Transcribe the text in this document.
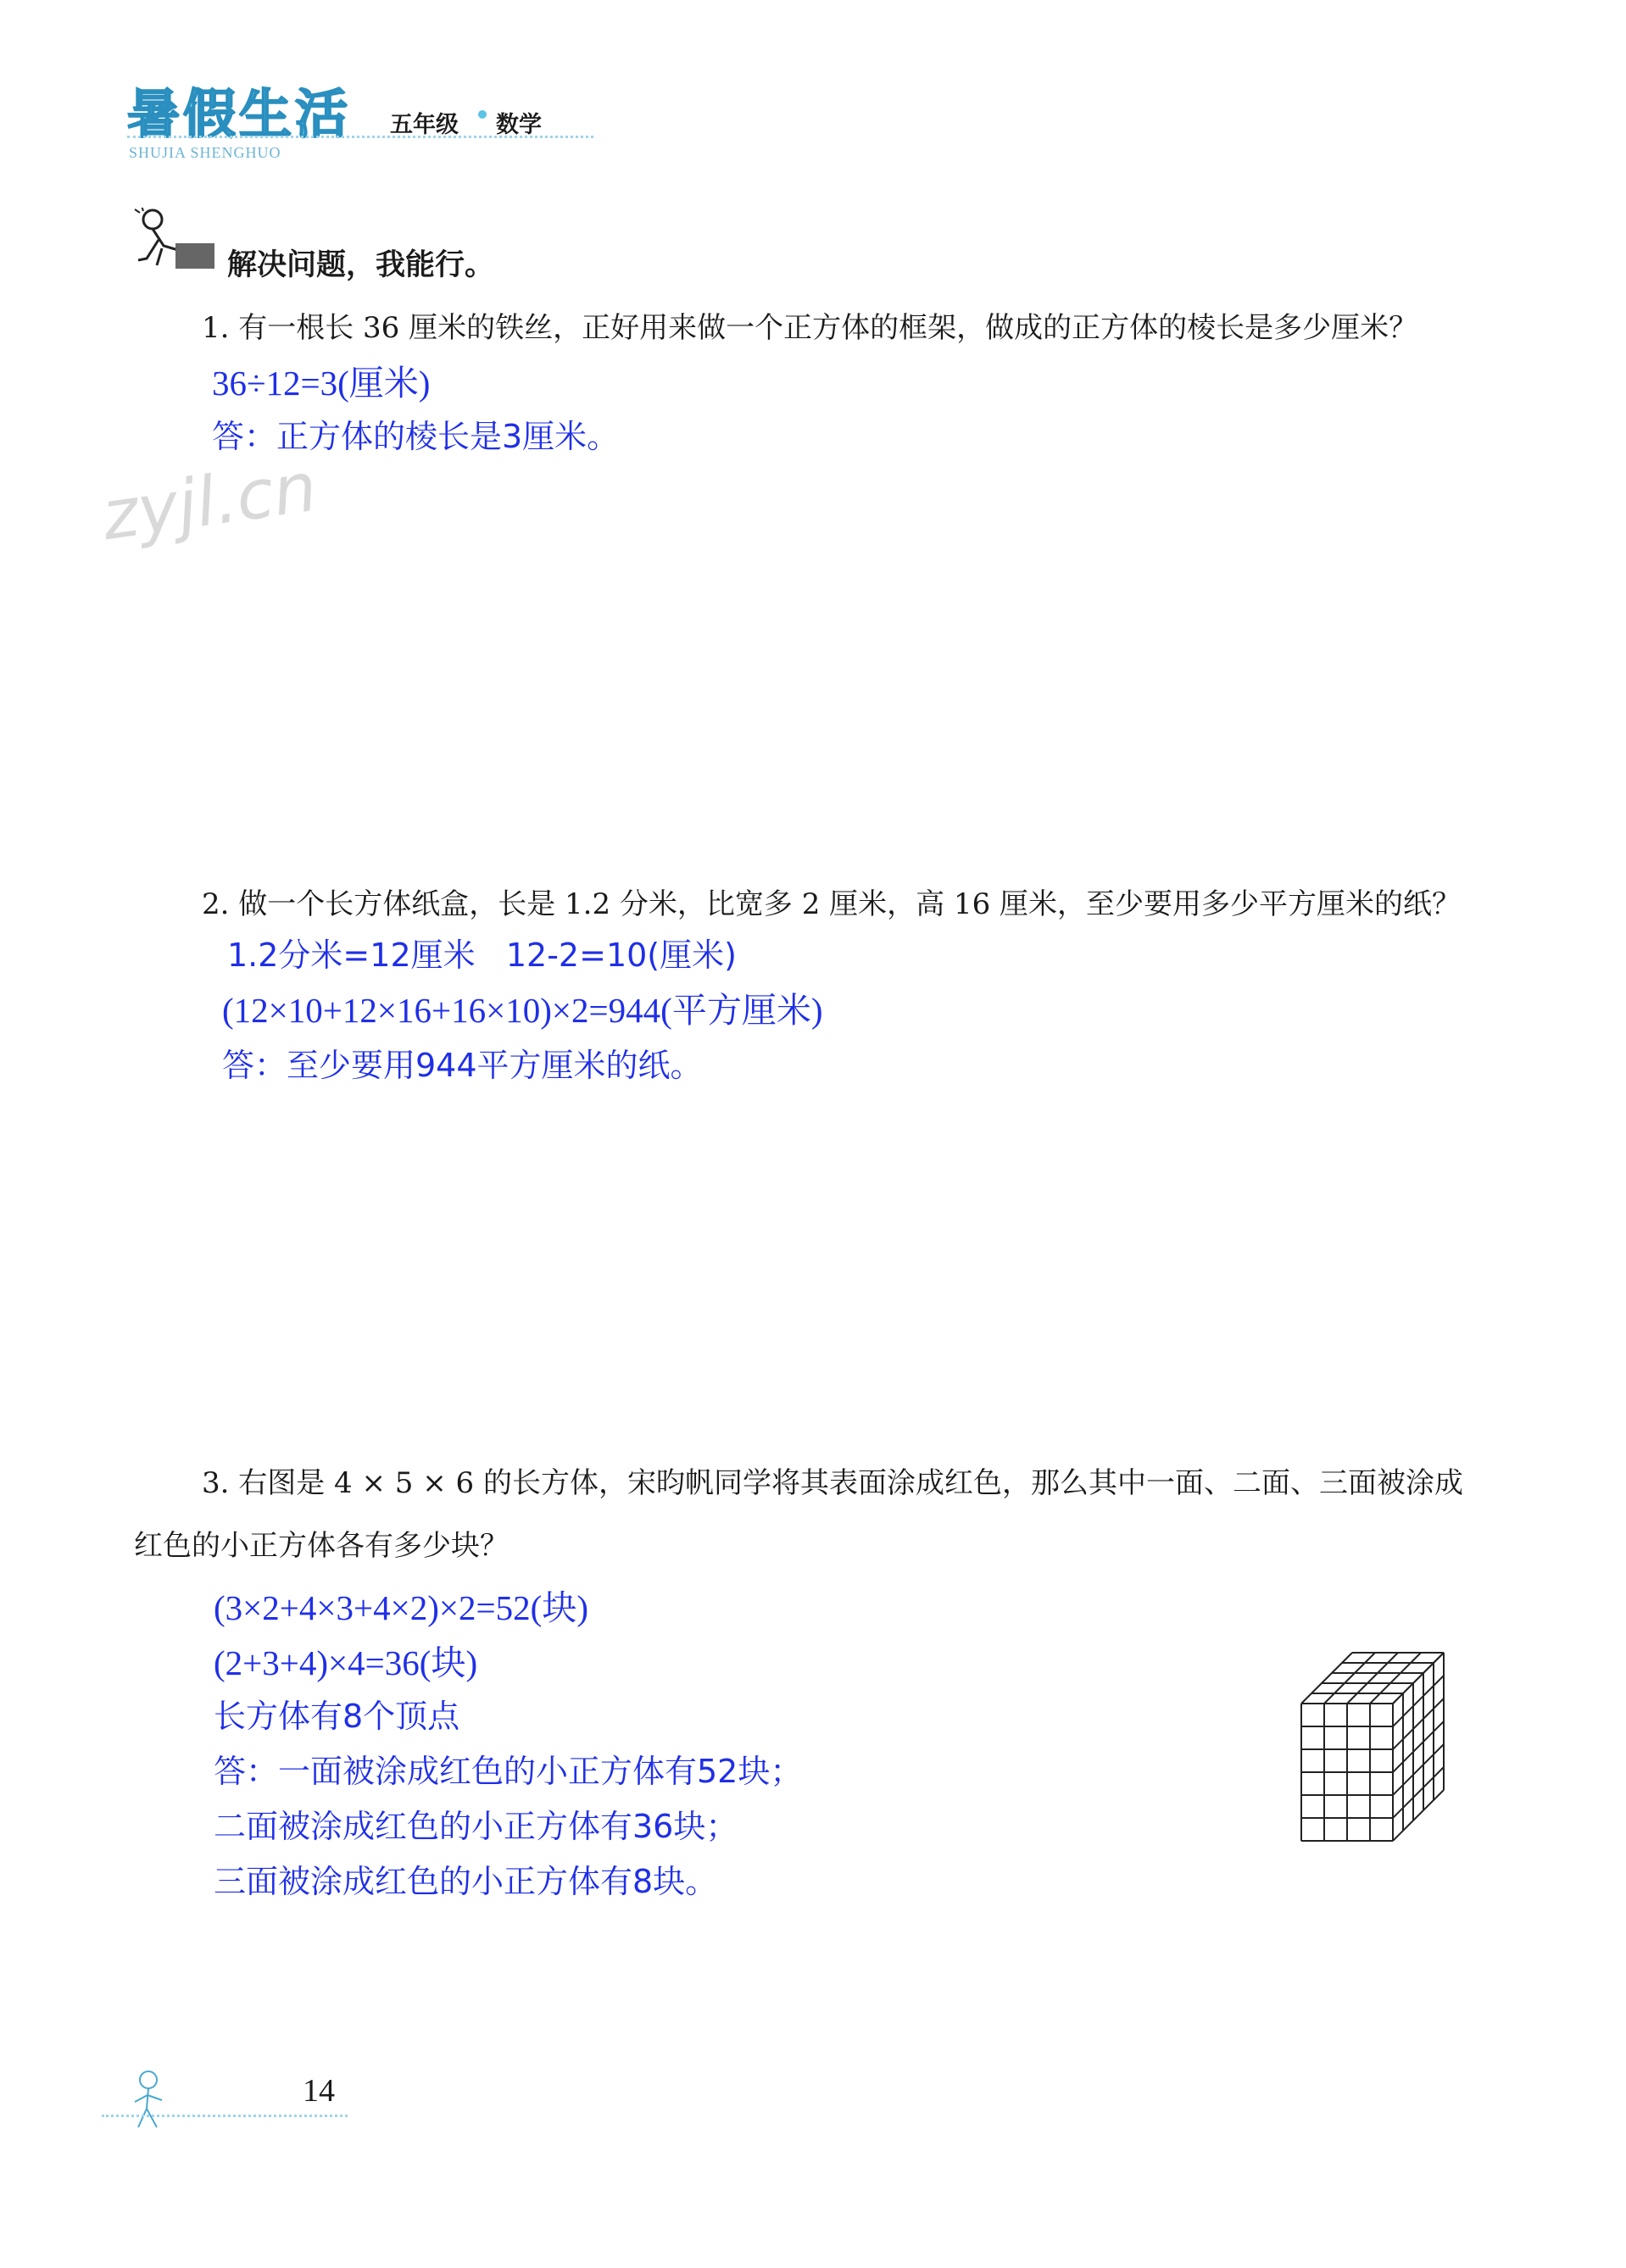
暑假生活
SHUJIA SHENGHUO
五年级 数学
解决问题，我能行。
zyjl.cn
1. 有一根长 36 厘米的铁丝，正好用来做一个正方体的框架，做成的正方体的棱长是多少厘米？
36÷12=3(厘米)
答：正方体的棱长是3厘米。
2. 做一个长方体纸盒，长是 1.2 分米，比宽多 2 厘米，高 16 厘米，至少要用多少平方厘米的纸？
1.2分米=12厘米   12-2=10(厘米)
(12×10+12×16+16×10)×2=944(平方厘米)
答：至少要用944平方厘米的纸。
3. 右图是 4 × 5 × 6 的长方体，宋昀帆同学将其表面涂成红色，那么其中一面、二面、三面被涂成
红色的小正方体各有多少块？
(3×2+4×3+4×2)×2=52(块)
(2+3+4)×4=36(块)
长方体有8个顶点
答：一面被涂成红色的小正方体有52块；
二面被涂成红色的小正方体有36块；
三面被涂成红色的小正方体有8块。
14
